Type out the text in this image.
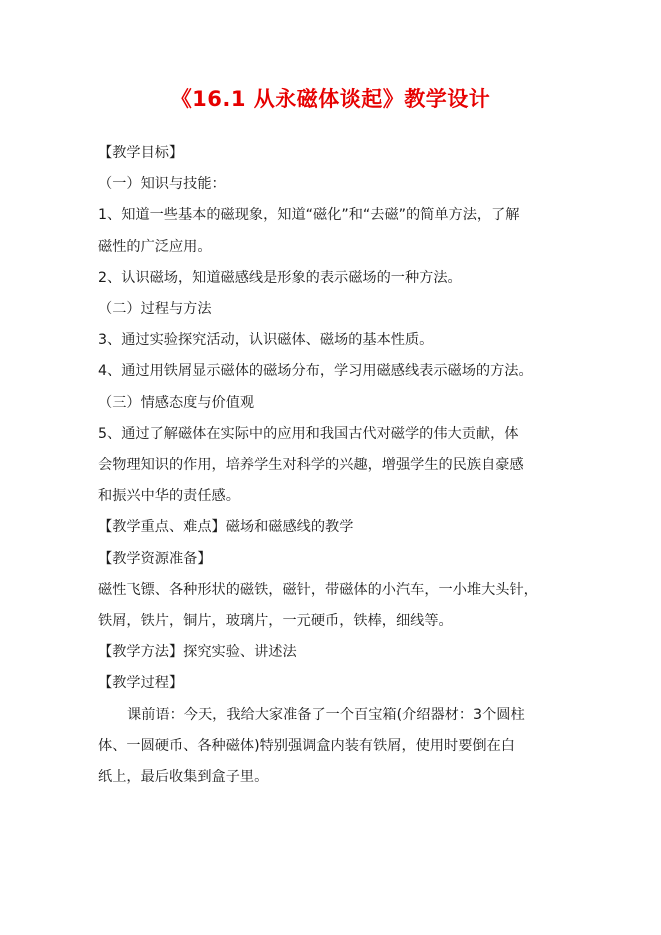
《16.1 从永磁体谈起》教学设计

【教学目标】

（一）知识与技能：

1、知道一些基本的磁现象，知道“磁化”和“去磁”的简单方法，了解

磁性的广泛应用。

2、认识磁场，知道磁感线是形象的表示磁场的一种方法。

（二）过程与方法

3、通过实验探究活动，认识磁体、磁场的基本性质。

4、通过用铁屑显示磁体的磁场分布，学习用磁感线表示磁场的方法。

（三）情感态度与价值观

5、通过了解磁体在实际中的应用和我国古代对磁学的伟大贡献，体

会物理知识的作用，培养学生对科学的兴趣，增强学生的民族自豪感

和振兴中华的责任感。

【教学重点、难点】磁场和磁感线的教学

【教学资源准备】

磁性飞镖、各种形状的磁铁，磁针，带磁体的小汽车，一小堆大头针，

铁屑，铁片，铜片，玻璃片，一元硬币，铁棒，细线等。

【教学方法】探究实验、讲述法

【教学过程】

课前语：今天，我给大家准备了一个百宝箱(介绍器材：3个圆柱

体、一圆硬币、各种磁体)特别强调盒内装有铁屑，使用时要倒在白

纸上，最后收集到盒子里。
